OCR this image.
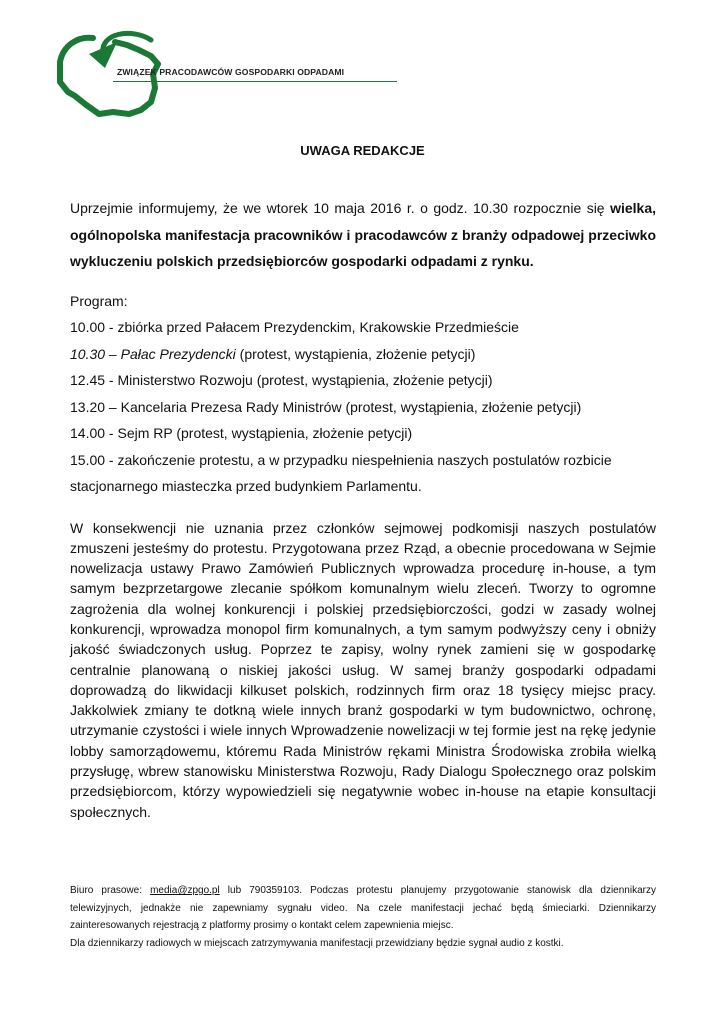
ZWIĄZEK PRACODAWCÓW GOSPODARKI ODPADAMI
UWAGA REDAKCJE

Uprzejmie informujemy, że we wtorek 10 maja 2016 r. o godz. 10.30 rozpocznie się wielka, ogólnopolska manifestacja pracowników i pracodawców z branży odpadowej przeciwko wykluczeniu polskich przedsiębiorców gospodarki odpadami z rynku.

Program:
10.00 - zbiórka przed Pałacem Prezydenckim, Krakowskie Przedmieście
10.30 – Pałac Prezydencki (protest, wystąpienia, złożenie petycji)
12.45 - Ministerstwo Rozwoju (protest, wystąpienia, złożenie petycji)
13.20 – Kancelaria Prezesa Rady Ministrów (protest, wystąpienia, złożenie petycji)
14.00 - Sejm RP (protest, wystąpienia, złożenie petycji)
15.00 - zakończenie protestu, a w przypadku niespełnienia naszych postulatów rozbicie
stacjonarnego miasteczka przed budynkiem Parlamentu.

W konsekwencji nie uznania przez członków sejmowej podkomisji naszych postulatów zmuszeni jesteśmy do protestu. Przygotowana przez Rząd, a obecnie procedowana w Sejmie nowelizacja ustawy Prawo Zamówień Publicznych wprowadza procedurę in-house, a tym samym bezprzetargowe zlecanie spółkom komunalnym wielu zleceń. Tworzy to ogromne zagrożenia dla wolnej konkurencji i polskiej przedsiębiorczości, godzi w zasady wolnej konkurencji, wprowadza monopol firm komunalnych, a tym samym podwyższy ceny i obniży jakość świadczonych usług. Poprzez te zapisy, wolny rynek zamieni się w gospodarkę centralnie planowaną o niskiej jakości usług. W samej branży gospodarki odpadami doprowadzą do likwidacji kilkuset polskich, rodzinnych firm oraz 18 tysięcy miejsc pracy. Jakkolwiek zmiany te dotkną wiele innych branż gospodarki w tym budownictwo, ochronę, utrzymanie czystości i wiele innych Wprowadzenie nowelizacji w tej formie jest na rękę jedynie lobby samorządowemu, któremu Rada Ministrów rękami Ministra Środowiska zrobiła wielką przysługę, wbrew stanowisku Ministerstwa Rozwoju, Rady Dialogu Społecznego oraz polskim przedsiębiorcom, którzy wypowiedzieli się negatywnie wobec in-house na etapie konsultacji społecznych.

Biuro prasowe: media@zpgo.pl lub 790359103. Podczas protestu planujemy przygotowanie stanowisk dla dziennikarzy telewizyjnych, jednakże nie zapewniamy sygnału video. Na czele manifestacji jechać będą śmieciarki. Dziennikarzy zainteresowanych rejestracją z platformy prosimy o kontakt celem zapewnienia miejsc.

Dla dziennikarzy radiowych w miejscach zatrzymywania manifestacji przewidziany będzie sygnał audio z kostki.
